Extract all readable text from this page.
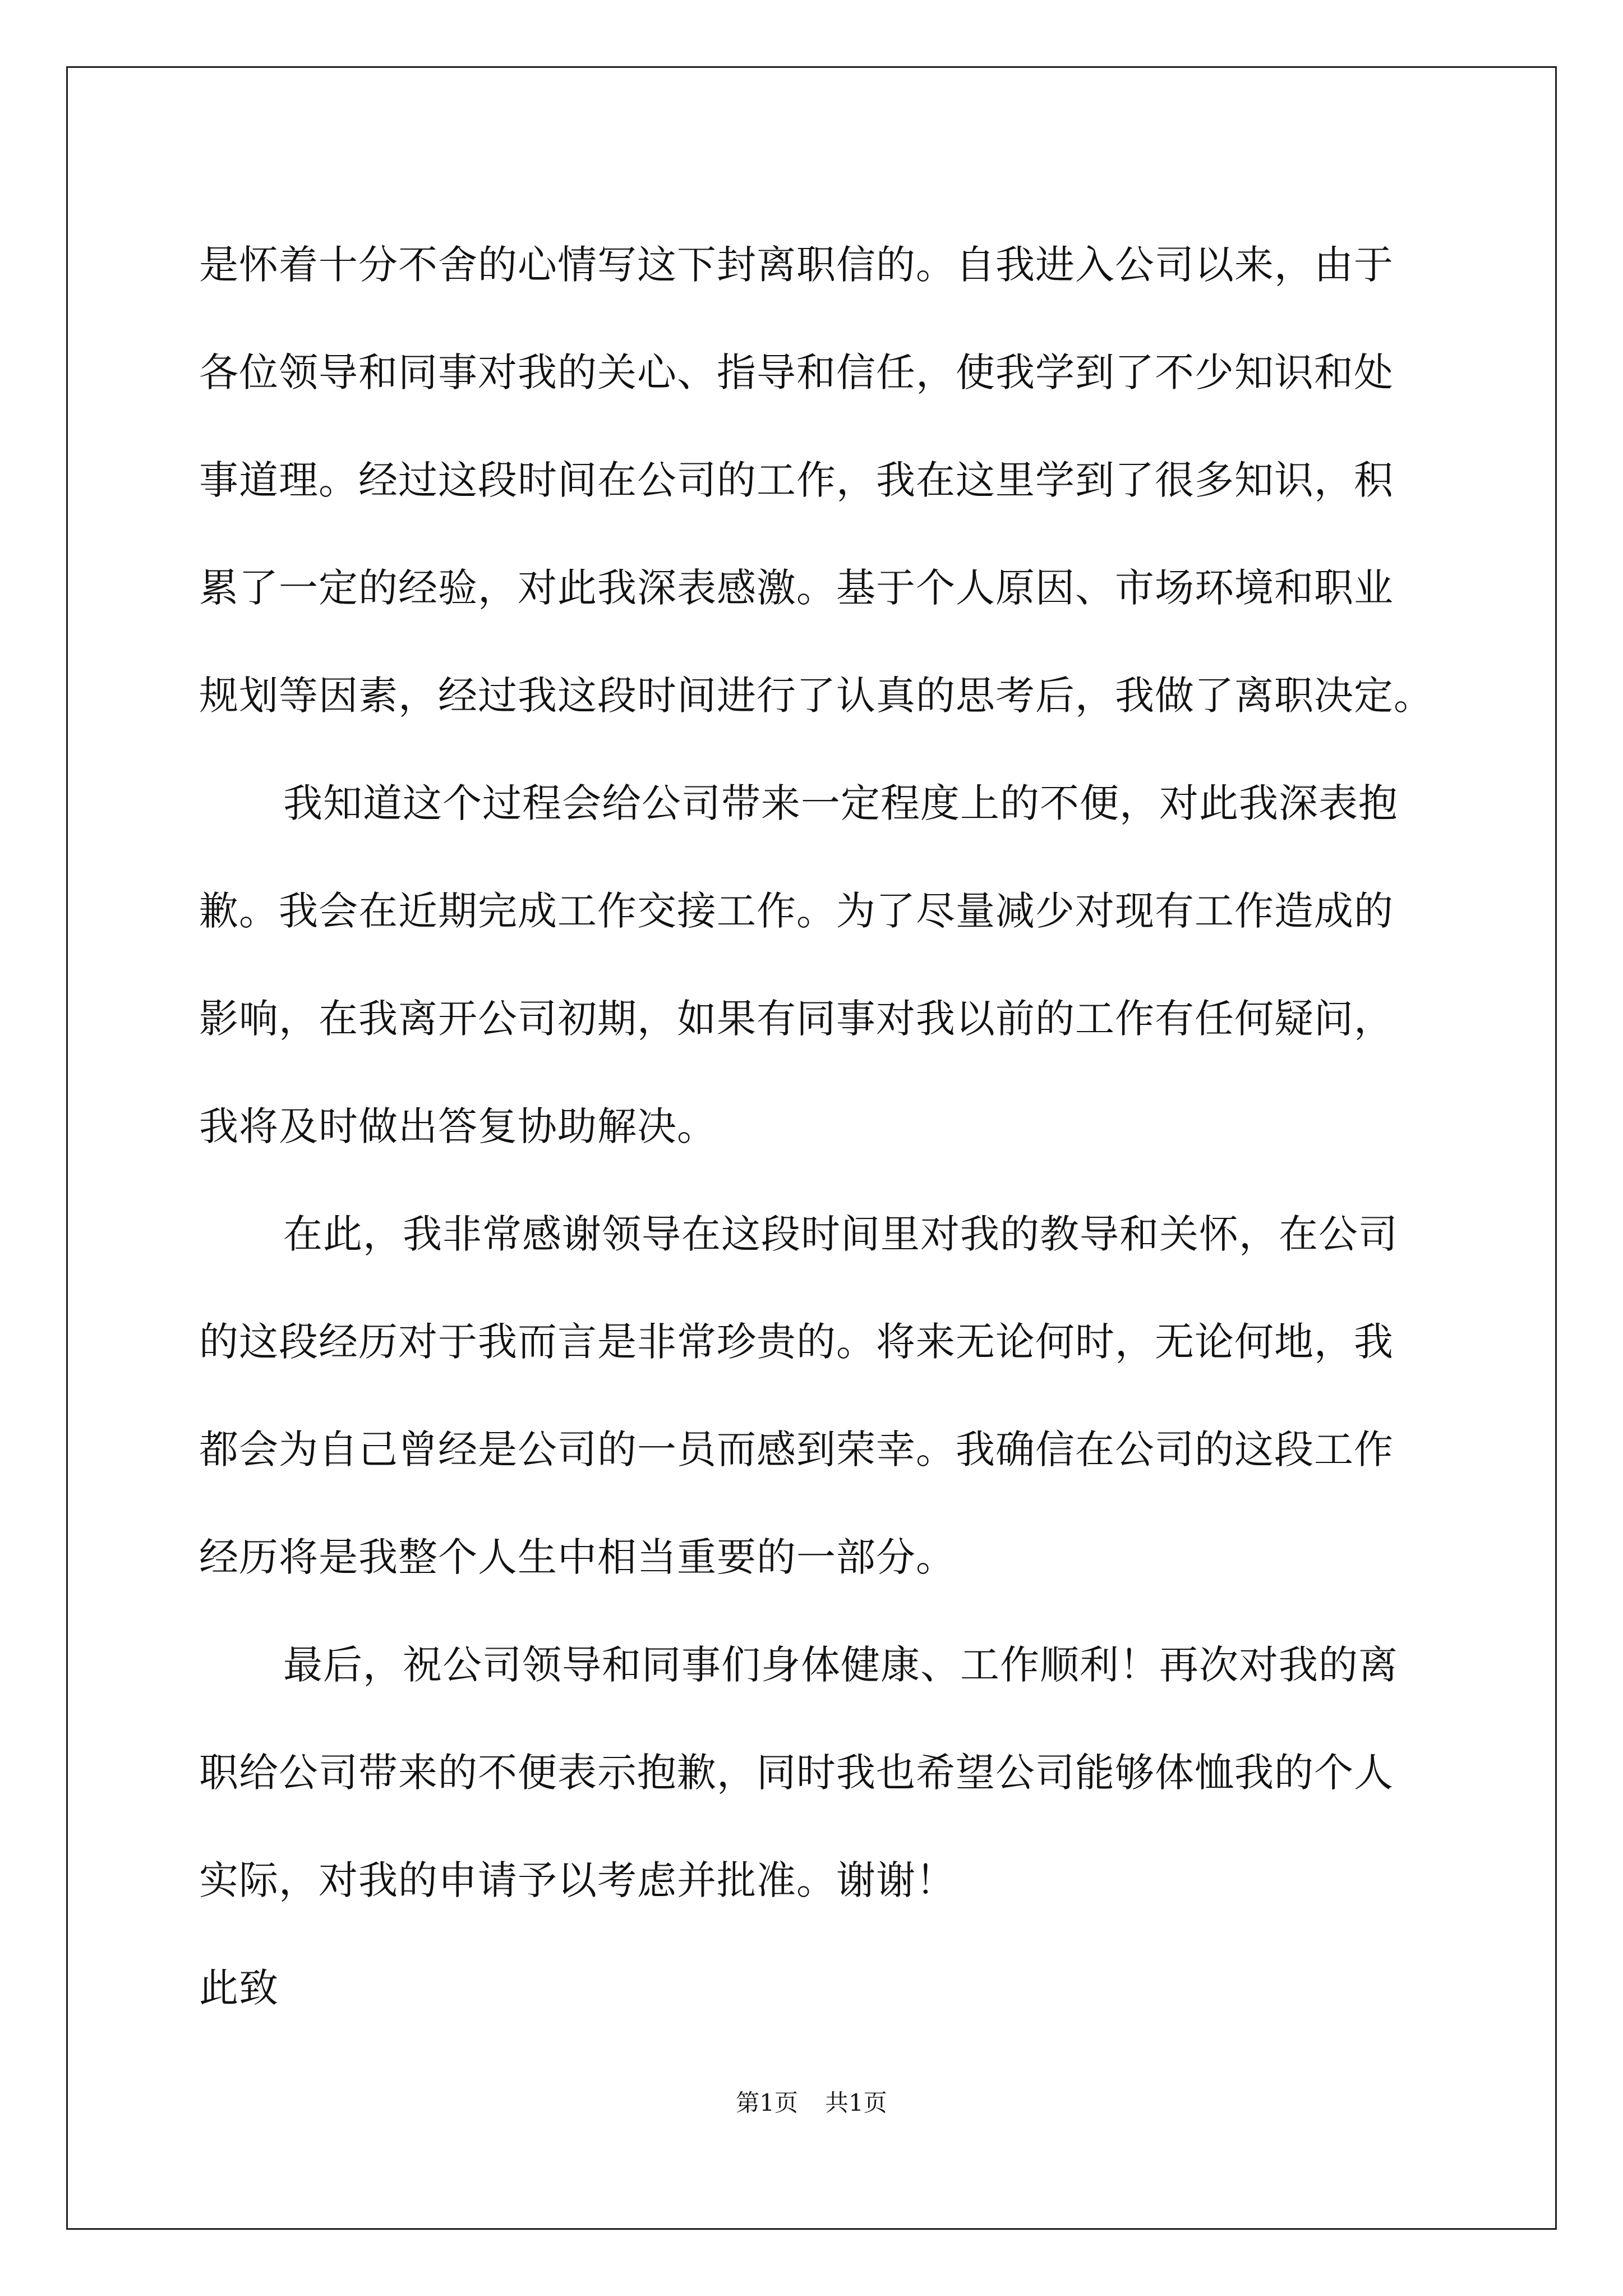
是怀着十分不舍的心情写这下封离职信的。自我进入公司以来，由于
各位领导和同事对我的关心、指导和信任，使我学到了不少知识和处
事道理。经过这段时间在公司的工作，我在这里学到了很多知识，积
累了一定的经验，对此我深表感激。基于个人原因、市场环境和职业
规划等因素，经过我这段时间进行了认真的思考后，我做了离职决定。
我知道这个过程会给公司带来一定程度上的不便，对此我深表抱
歉。我会在近期完成工作交接工作。为了尽量减少对现有工作造成的
影响，在我离开公司初期，如果有同事对我以前的工作有任何疑问，
我将及时做出答复协助解决。
在此，我非常感谢领导在这段时间里对我的教导和关怀，在公司
的这段经历对于我而言是非常珍贵的。将来无论何时，无论何地，我
都会为自己曾经是公司的一员而感到荣幸。我确信在公司的这段工作
经历将是我整个人生中相当重要的一部分。
最后，祝公司领导和同事们身体健康、工作顺利！再次对我的离
职给公司带来的不便表示抱歉，同时我也希望公司能够体恤我的个人
实际，对我的申请予以考虑并批准。谢谢！
此致
第1页 共1页
